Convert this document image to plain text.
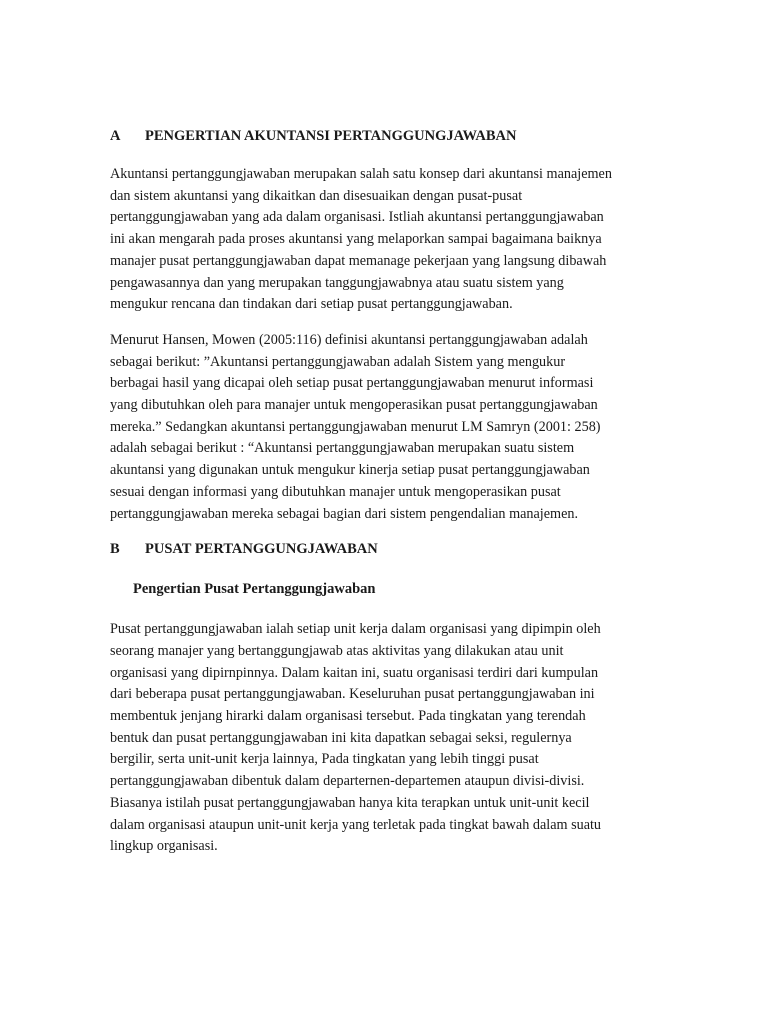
A	PENGERTIAN AKUNTANSI PERTANGGUNGJAWABAN
Akuntansi pertanggungjawaban merupakan salah satu konsep dari akuntansi manajemen
dan sistem akuntansi yang dikaitkan dan disesuaikan dengan pusat-pusat
pertanggungjawaban yang ada dalam organisasi. Istliah akuntansi pertanggungjawaban
ini akan mengarah pada proses akuntansi yang melaporkan sampai bagaimana baiknya
manajer pusat pertanggungjawaban dapat memanage pekerjaan yang langsung dibawah
pengawasannya dan yang merupakan tanggungjawabnya atau suatu sistem yang
mengukur rencana dan tindakan dari setiap pusat pertanggungjawaban.
Menurut Hansen, Mowen (2005:116) definisi akuntansi pertanggungjawaban adalah
sebagai berikut: ”Akuntansi pertanggungjawaban adalah Sistem yang mengukur
berbagai hasil yang dicapai oleh setiap pusat pertanggungjawaban menurut informasi
yang dibutuhkan oleh para manajer untuk mengoperasikan pusat pertanggungjawaban
mereka.” Sedangkan akuntansi pertanggungjawaban menurut LM Samryn (2001: 258)
adalah sebagai berikut : “Akuntansi pertanggungjawaban merupakan suatu sistem
akuntansi yang digunakan untuk mengukur kinerja setiap pusat pertanggungjawaban
sesuai dengan informasi yang dibutuhkan manajer untuk mengoperasikan pusat
pertanggungjawaban mereka sebagai bagian dari sistem pengendalian manajemen.
B	PUSAT PERTANGGUNGJAWABAN
Pengertian Pusat Pertanggungjawaban
Pusat pertanggungjawaban ialah setiap unit kerja dalam organisasi yang dipimpin oleh
seorang manajer yang bertanggungjawab atas aktivitas yang dilakukan atau unit
organisasi yang dipirnpinnya. Dalam kaitan ini, suatu organisasi terdiri dari kumpulan
dari beberapa pusat pertanggungjawaban. Keseluruhan pusat pertanggungjawaban ini
membentuk jenjang hirarki dalam organisasi tersebut. Pada tingkatan yang terendah
bentuk dan pusat pertanggungjawaban ini kita dapatkan sebagai seksi, regulernya
bergilir, serta unit-unit kerja lainnya, Pada tingkatan yang lebih tinggi pusat
pertanggungjawaban dibentuk dalam departernen-departemen ataupun divisi-divisi.
Biasanya istilah pusat pertanggungjawaban hanya kita terapkan untuk unit-unit kecil
dalam organisasi ataupun unit-unit kerja yang terletak pada tingkat bawah dalam suatu
lingkup organisasi.
